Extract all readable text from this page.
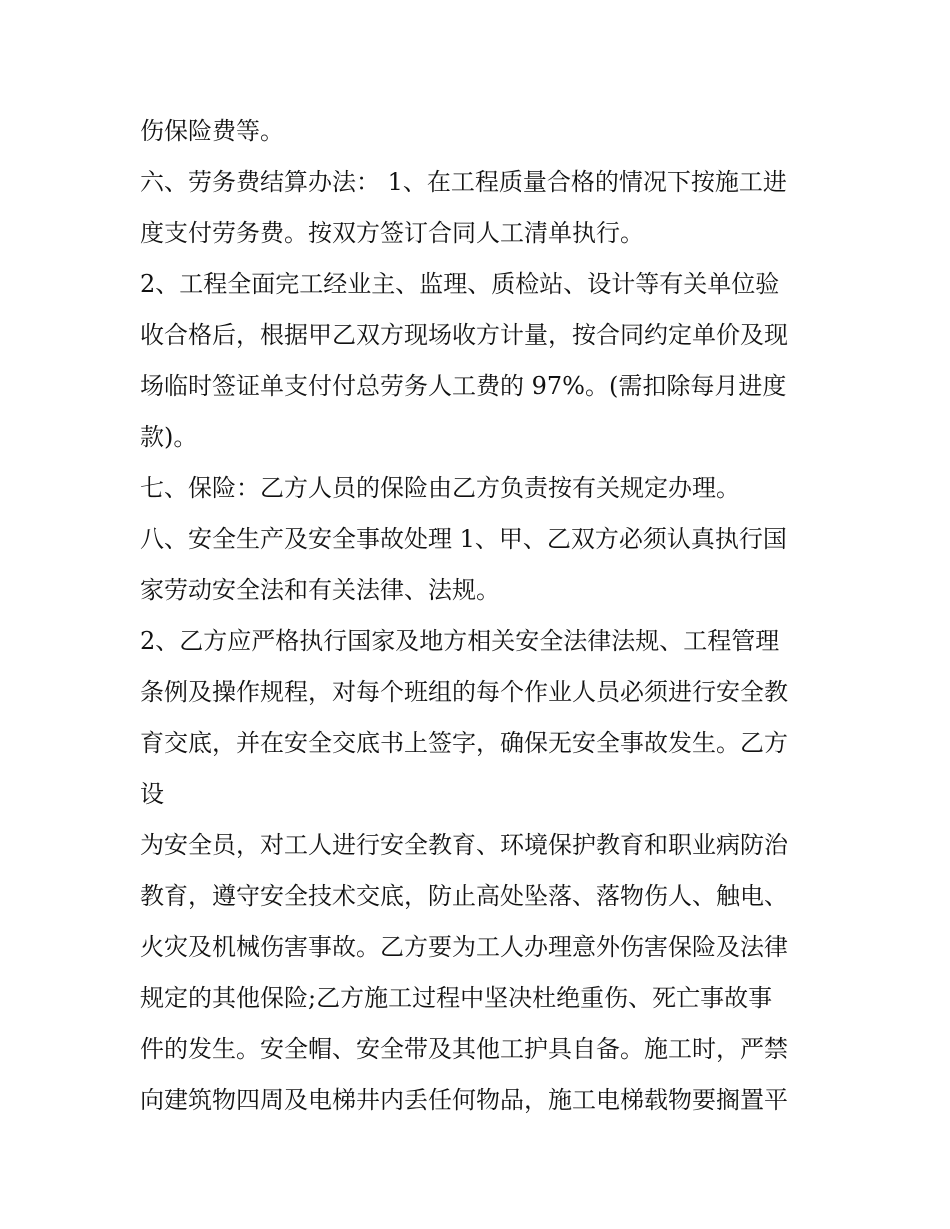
伤保险费等。
六、劳务费结算办法： 1、在工程质量合格的情况下按施工进
度支付劳务费。按双方签订合同人工清单执行。
2、工程全面完工经业主、监理、质检站、设计等有关单位验
收合格后，根据甲乙双方现场收方计量，按合同约定单价及现
场临时签证单支付付总劳务人工费的 97%。(需扣除每月进度
款)。
七、保险：乙方人员的保险由乙方负责按有关规定办理。
八、安全生产及安全事故处理 1、甲、乙双方必须认真执行国
家劳动安全法和有关法律、法规。
2、乙方应严格执行国家及地方相关安全法律法规、工程管理
条例及操作规程，对每个班组的每个作业人员必须进行安全教
育交底，并在安全交底书上签字，确保无安全事故发生。乙方
设
为安全员，对工人进行安全教育、环境保护教育和职业病防治
教育，遵守安全技术交底，防止高处坠落、落物伤人、触电、
火灾及机械伤害事故。乙方要为工人办理意外伤害保险及法律
规定的其他保险;乙方施工过程中坚决杜绝重伤、死亡事故事
件的发生。安全帽、安全带及其他工护具自备。施工时，严禁
向建筑物四周及电梯井内丢任何物品，施工电梯载物要搁置平
